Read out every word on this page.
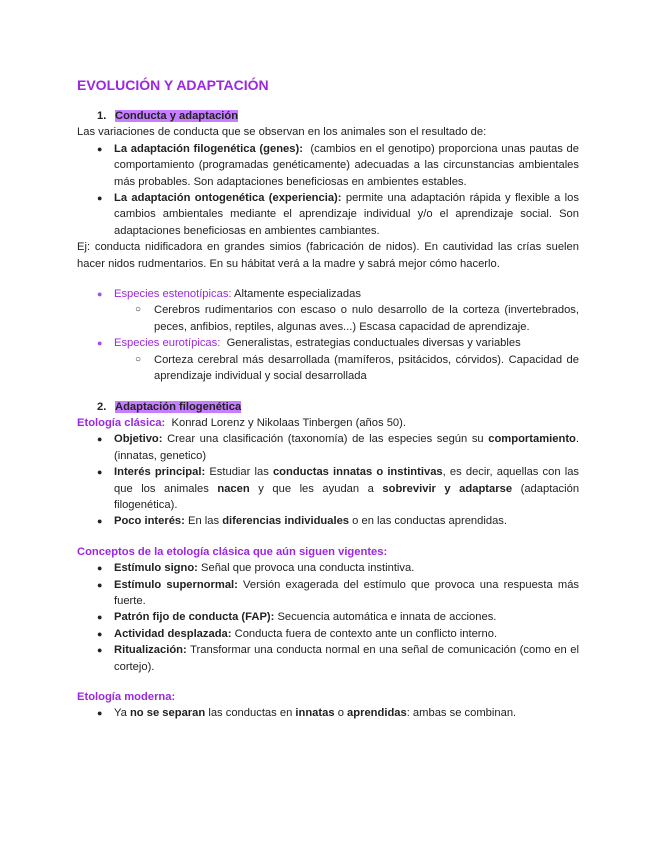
EVOLUCIÓN Y ADAPTACIÓN

1. Conducta y adaptación

Las variaciones de conducta que se observan en los animales son el resultado de:

● La adaptación filogenética (genes): (cambios en el genotipo) proporciona unas pautas de comportamiento (programadas genéticamente) adecuadas a las circunstancias ambientales más probables. Son adaptaciones beneficiosas en ambientes estables.
● La adaptación ontogenética (experiencia): permite una adaptación rápida y flexible a los cambios ambientales mediante el aprendizaje individual y/o el aprendizaje social. Son adaptaciones beneficiosas en ambientes cambiantes.

Ej: conducta nidificadora en grandes simios (fabricación de nidos). En cautividad las crías suelen hacer nidos rudmentarios. En su hábitat verá a la madre y sabrá mejor cómo hacerlo.

● Especies estenotípicas: Altamente especializadas
○ Cerebros rudimentarios con escaso o nulo desarrollo de la corteza (invertebrados, peces, anfibios, reptiles, algunas aves...) Escasa capacidad de aprendizaje.
● Especies eurotípicas: Generalistas, estrategias conductuales diversas y variables
○ Corteza cerebral más desarrollada (mamíferos, psitácidos, córvidos). Capacidad de aprendizaje individual y social desarrollada

2. Adaptación filogenética

Etología clásica: Konrad Lorenz y Nikolaas Tinbergen (años 50).

● Objetivo: Crear una clasificación (taxonomía) de las especies según su comportamiento. (innatas, genetico)
● Interés principal: Estudiar las conductas innatas o instintivas, es decir, aquellas con las que los animales nacen y que les ayudan a sobrevivir y adaptarse (adaptación filogenética).
● Poco interés: En las diferencias individuales o en las conductas aprendidas.

Conceptos de la etología clásica que aún siguen vigentes:

● Estímulo signo: Señal que provoca una conducta instintiva.
● Estímulo supernormal: Versión exagerada del estímulo que provoca una respuesta más fuerte.
● Patrón fijo de conducta (FAP): Secuencia automática e innata de acciones.
● Actividad desplazada: Conducta fuera de contexto ante un conflicto interno.
● Ritualización: Transformar una conducta normal en una señal de comunicación (como en el cortejo).

Etología moderna:

● Ya no se separan las conductas en innatas o aprendidas: ambas se combinan.
